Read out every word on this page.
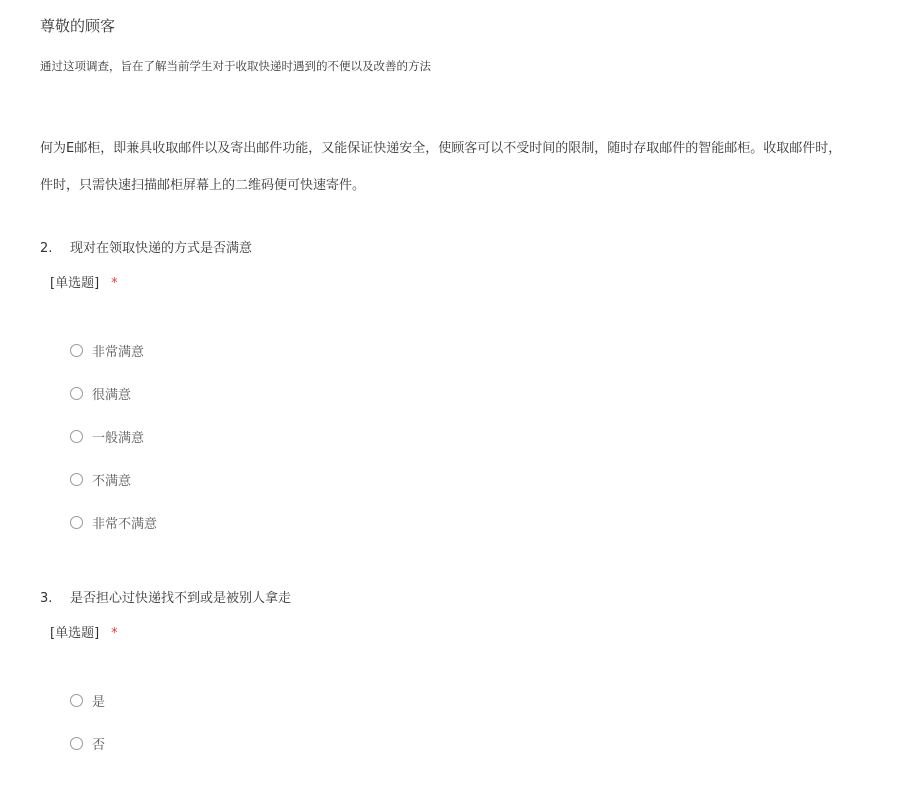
尊敬的顾客
通过这项调查，旨在了解当前学生对于收取快递时遇到的不便以及改善的方法
何为E邮柜，即兼具收取邮件以及寄出邮件功能，又能保证快递安全，使顾客可以不受时间的限制，随时存取邮件的智能邮柜。收取邮件时，
件时，只需快速扫描邮柜屏幕上的二维码便可快速寄件。
2. 现对在领取快递的方式是否满意
[单选题] *
非常满意
很满意
一般满意
不满意
非常不满意
3. 是否担心过快递找不到或是被别人拿走
[单选题] *
是
否
